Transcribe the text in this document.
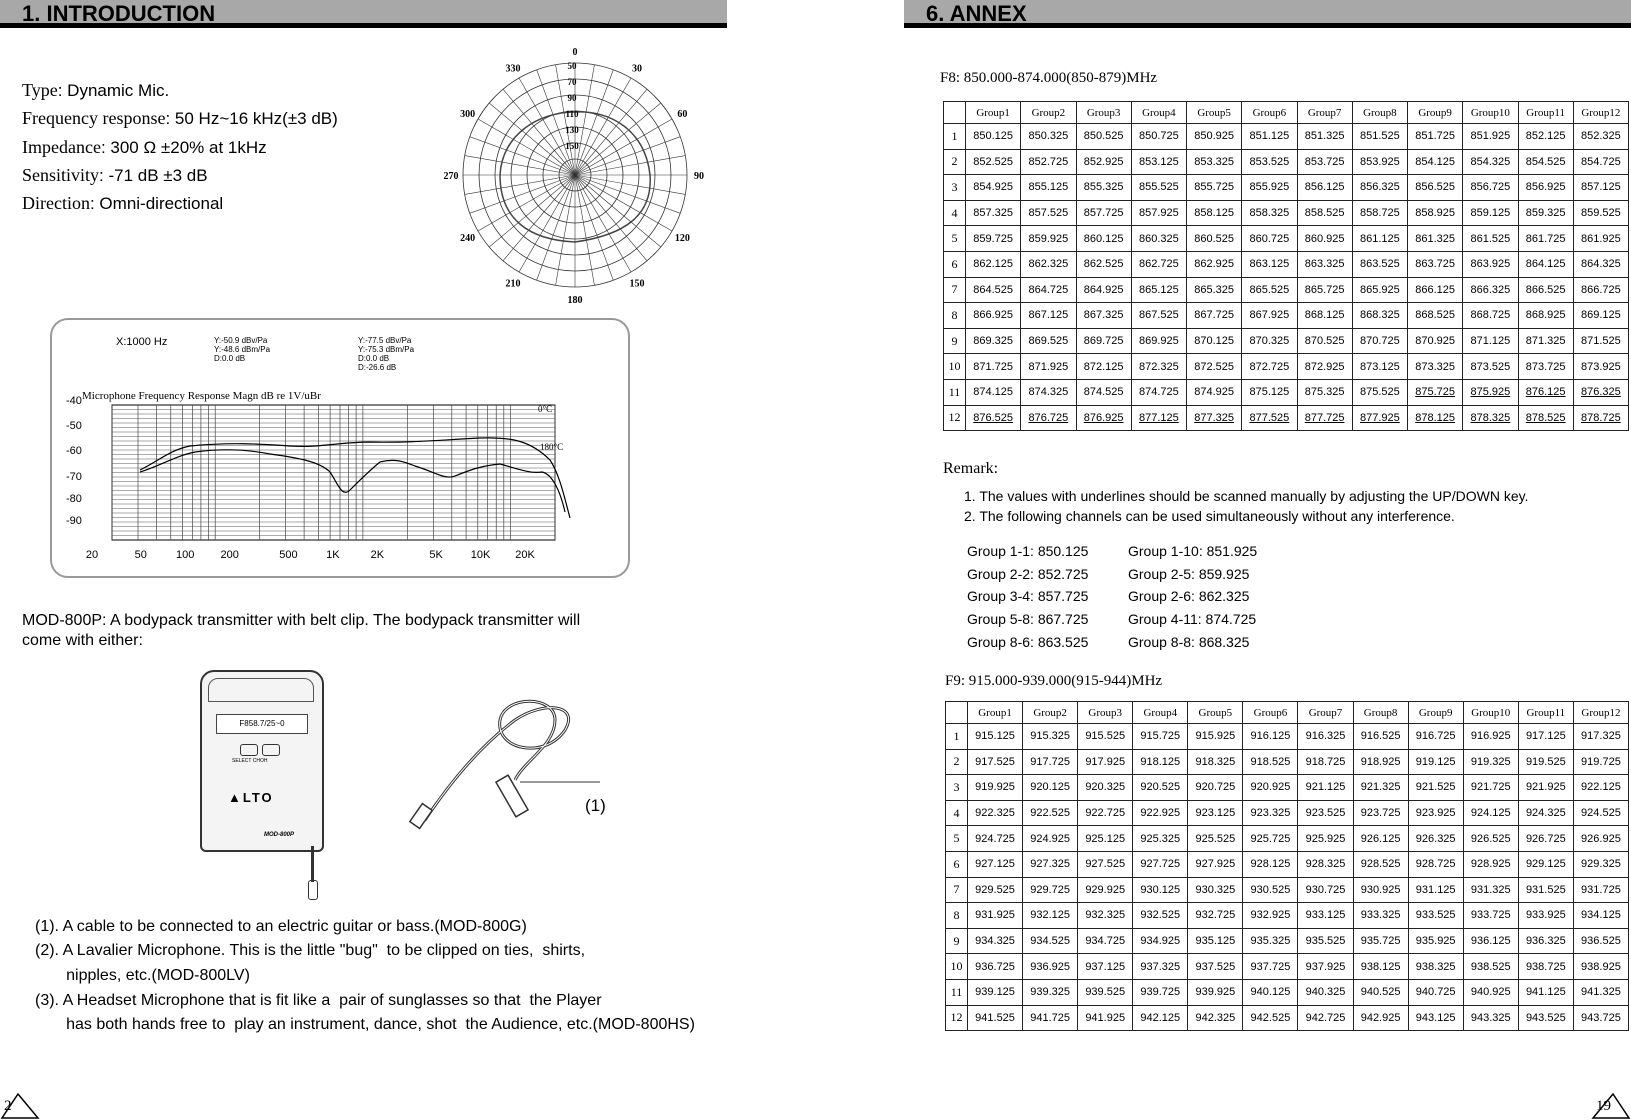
1. INTRODUCTION
Type: Dynamic Mic.
Frequency response: 50 Hz~16 kHz(±3 dB)
Impedance: 300 Ω ±20% at 1kHz
Sensitivity: -71 dB ±3 dB
Direction: Omni-directional
0
30
60
90
120
150
180
210
240
270
300
330	50
70
90
110
130
150
X:1000 Hz	Y:-50.9 dBv/Pa
Y:-48.6 dBm/Pa
D:0.0 dB
Y:-77.5 dBv/Pa
Y:-75.3 dBm/Pa
D:0.0 dB
D:-26.6 dB
Microphone Frequency Response Magn dB re 1V/uBr
-40
-50
-60
-70
-80
-90
20	50	100 200	500	1K	2K	5K	10K 20K
0°C
180°C
MOD-800P: A bodypack transmitter with belt clip. The bodypack transmitter will
come with either:
F858.7/25~0
SELECT CHOH
▲LTO
MOD-800P
(1)
(1). A cable to be connected to an electric guitar or bass.(MOD-800G)
(2). A Lavalier Microphone. This is the little "bug"  to be clipped on ties,  shirts,
nipples, etc.(MOD-800LV)
(3). A Headset Microphone that is fit like a  pair of sunglasses so that  the Player
has both hands free to  play an instrument, dance, shot  the Audience, etc.(MOD-800HS)
2
6. ANNEX
F8: 850.000-874.000(850-879)MHz
	Group1	Group2	Group3	Group4	Group5	Group6	Group7	Group8	Group9	Group10	Group11	Group12
1	850.125	850.325	850.525	850.725	850.925	851.125	851.325	851.525	851.725	851.925	852.125	852.325
2	852.525	852.725	852.925	853.125	853.325	853.525	853.725	853.925	854.125	854.325	854.525	854.725
3	854.925	855.125	855.325	855.525	855.725	855.925	856.125	856.325	856.525	856.725	856.925	857.125
4	857.325	857.525	857.725	857.925	858.125	858.325	858.525	858.725	858.925	859.125	859.325	859.525
5	859.725	859.925	860.125	860.325	860.525	860.725	860.925	861.125	861.325	861.525	861.725	861.925
6	862.125	862.325	862.525	862.725	862.925	863.125	863.325	863.525	863.725	863.925	864.125	864.325
7	864.525	864.725	864.925	865.125	865.325	865.525	865.725	865.925	866.125	866.325	866.525	866.725
8	866.925	867.125	867.325	867.525	867.725	867.925	868.125	868.325	868.525	868.725	868.925	869.125
9	869.325	869.525	869.725	869.925	870.125	870.325	870.525	870.725	870.925	871.125	871.325	871.525
10	871.725	871.925	872.125	872.325	872.525	872.725	872.925	873.125	873.325	873.525	873.725	873.925
11	874.125	874.325	874.525	874.725	874.925	875.125	875.325	875.525	875.725	875.925	876.125	876.325
12	876.525	876.725	876.925	877.125	877.325	877.525	877.725	877.925	878.125	878.325	878.525	878.725
Remark:
1. The values with underlines should be scanned manually by adjusting the UP/DOWN key.
2. The following channels can be used simultaneously without any interference.
Group 1-1: 850.125	Group 1-10: 851.925
Group 2-2: 852.725	Group 2-5: 859.925
Group 3-4: 857.725	Group 2-6: 862.325
Group 5-8: 867.725	Group 4-11: 874.725
Group 8-6: 863.525	Group 8-8: 868.325
F9: 915.000-939.000(915-944)MHz
	Group1	Group2	Group3	Group4	Group5	Group6	Group7	Group8	Group9	Group10	Group11	Group12
1	915.125	915.325	915.525	915.725	915.925	916.125	916.325	916.525	916.725	916.925	917.125	917.325
2	917.525	917.725	917.925	918.125	918.325	918.525	918.725	918.925	919.125	919.325	919.525	919.725
3	919.925	920.125	920.325	920.525	920.725	920.925	921.125	921.325	921.525	921.725	921.925	922.125
4	922.325	922.525	922.725	922.925	923.125	923.325	923.525	923.725	923.925	924.125	924.325	924.525
5	924.725	924.925	925.125	925.325	925.525	925.725	925.925	926.125	926.325	926.525	926.725	926.925
6	927.125	927.325	927.525	927.725	927.925	928.125	928.325	928.525	928.725	928.925	929.125	929.325
7	929.525	929.725	929.925	930.125	930.325	930.525	930.725	930.925	931.125	931.325	931.525	931.725
8	931.925	932.125	932.325	932.525	932.725	932.925	933.125	933.325	933.525	933.725	933.925	934.125
9	934.325	934.525	934.725	934.925	935.125	935.325	935.525	935.725	935.925	936.125	936.325	936.525
10	936.725	936.925	937.125	937.325	937.525	937.725	937.925	938.125	938.325	938.525	938.725	938.925
11	939.125	939.325	939.525	939.725	939.925	940.125	940.325	940.525	940.725	940.925	941.125	941.325
12	941.525	941.725	941.925	942.125	942.325	942.525	942.725	942.925	943.125	943.325	943.525	943.725
19
